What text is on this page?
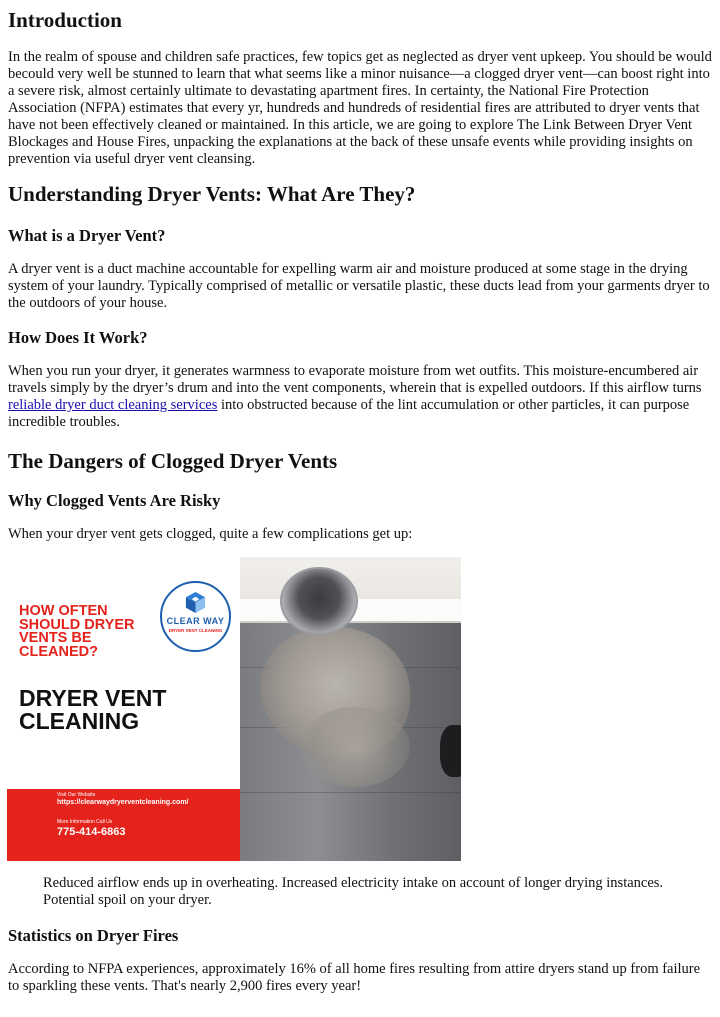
Introduction

In the realm of spouse and children safe practices, few topics get as neglected as dryer vent upkeep. You should be would becould very well be stunned to learn that what seems like a minor nuisance—a clogged dryer vent—can boost right into a severe risk, almost certainly ultimate to devastating apartment fires. In certainty, the National Fire Protection Association (NFPA) estimates that every yr, hundreds and hundreds of residential fires are attributed to dryer vents that have not been effectively cleaned or maintained. In this article, we are going to explore The Link Between Dryer Vent Blockages and House Fires, unpacking the explanations at the back of these unsafe events while providing insights on prevention via useful dryer vent cleansing.

Understanding Dryer Vents: What Are They?
What is a Dryer Vent?

A dryer vent is a duct machine accountable for expelling warm air and moisture produced at some stage in the drying system of your laundry. Typically comprised of metallic or versatile plastic, these ducts lead from your garments dryer to the outdoors of your house.

How Does It Work?

When you run your dryer, it generates warmness to evaporate moisture from wet outfits. This moisture-encumbered air travels simply by the dryer’s drum and into the vent components, wherein that is expelled outdoors. If this airflow turns reliable dryer duct cleaning services into obstructed because of the lint accumulation or other particles, it can purpose incredible troubles.

The Dangers of Clogged Dryer Vents
Why Clogged Vents Are Risky

When your dryer vent gets clogged, quite a few complications get up:

CLEAR WAY
DRYER VENT CLEANING
HOW OFTEN
SHOULD DRYER
VENTS BE
CLEANED?
DRYER VENT
CLEANING
Visit Our Website
https://clearwaydryerventcleaning.com/
More Information Call Us
775-414-6863

Reduced airflow ends up in overheating. Increased electricity intake on account of longer drying instances. Potential spoil on your dryer.

Statistics on Dryer Fires

According to NFPA experiences, approximately 16% of all home fires resulting from attire dryers stand up from failure to sparkling these vents. That's nearly 2,900 fires every year!
